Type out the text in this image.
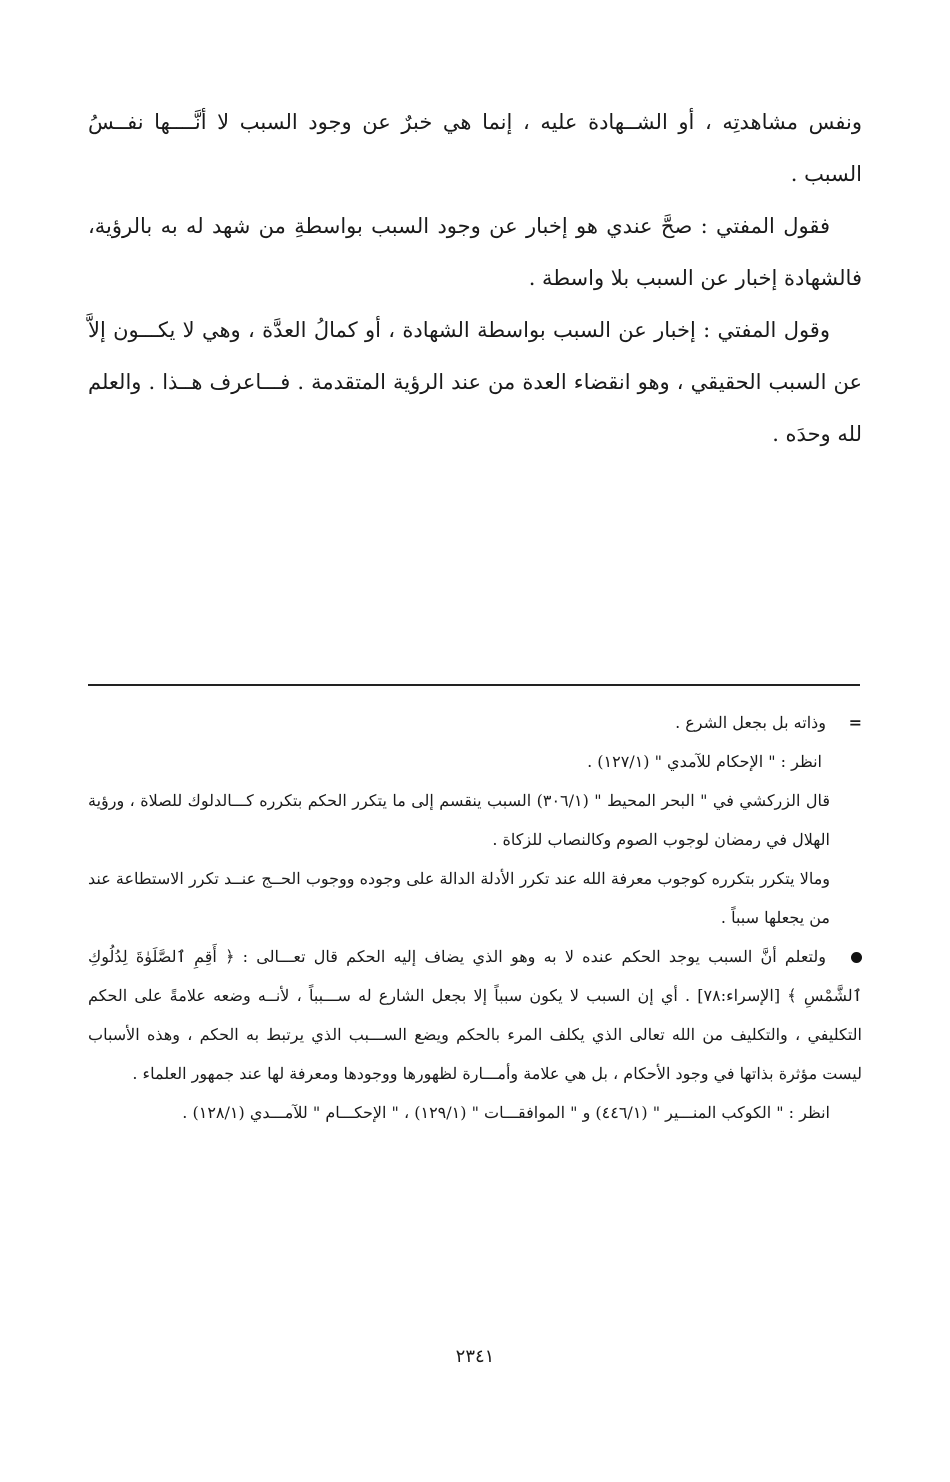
ونفس مشاهدتِه ، أو الشــهادة عليه ، إنما هي خبرٌ عن وجود السبب لا أنَّــــها نفــسُ السبب .

فقول المفتي : صحَّ عندي هو إخبار عن وجود السبب بواسطةِ من شهد له به بالرؤية، فالشهادة إخبار عن السبب بلا واسطة .

وقول المفتي : إخبار عن السبب بواسطة الشهادة ، أو كمالُ العدَّة ، وهي لا يكـــون إلاَّ عن السبب الحقيقي ، وهو انقضاء العدة من عند الرؤية المتقدمة . فـــاعرف هــذا . والعلم لله وحدَه .

=وذاته بل بجعل الشرع .

انظر : " الإحكام للآمدي " (١٢٧/١) .

قال الزركشي في " البحر المحيط " (٣٠٦/١) السبب ينقسم إلى ما يتكرر الحكم بتكرره كـــالدلوك للصلاة ، ورؤية الهلال في رمضان لوجوب الصوم وكالنصاب للزكاة .

ومالا يتكرر بتكرره كوجوب معرفة الله عند تكرر الأدلة الدالة على وجوده ووجوب الحــج عنــد تكرر الاستطاعة عند من يجعلها سبباً .

ولتعلم أنَّ السبب يوجد الحكم عنده لا به وهو الذي يضاف إليه الحكم قال تعـــالى : ﴿ أَقِمِ ٱلصَّلَوٰةَ لِدُلُوكِ ٱلشَّمْسِ ﴾ [الإسراء:٧٨] . أي إن السبب لا يكون سبباً إلا بجعل الشارع له ســـبباً ، لأنــه وضعه علامةً على الحكم التكليفي ، والتكليف من الله تعالى الذي يكلف المرء بالحكم ويضع الســـبب الذي يرتبط به الحكم ، وهذه الأسباب ليست مؤثرة بذاتها في وجود الأحكام ، بل هي علامة وأمـــارة لظهورها ووجودها ومعرفة لها عند جمهور العلماء .

انظر : " الكوكب المنـــير " (٤٤٦/١) و " الموافقـــات " (١٢٩/١) ، " الإحكـــام " للآمـــدي (١٢٨/١) .

٢٣٤١
